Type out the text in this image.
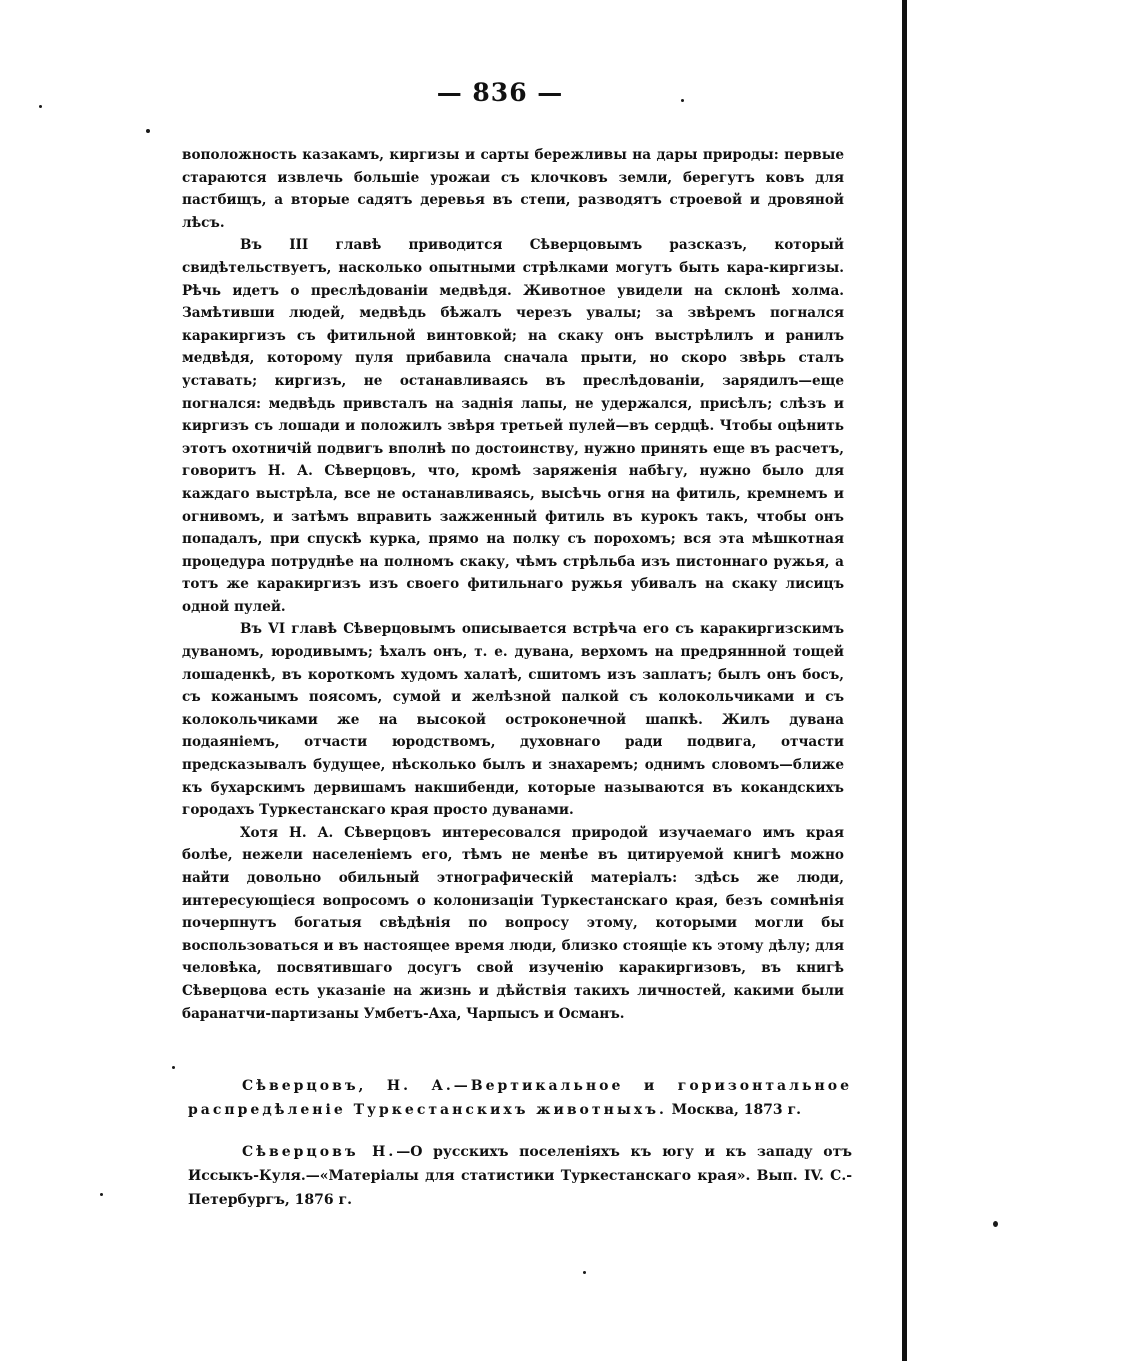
— 836 —

воположность казакамъ, киргизы и сарты бережливы на дары природы: первые стараются извлечь большіе урожаи съ клочковъ земли, берегутъ ковъ для пастбищъ, а вторые садятъ деревья въ степи, разводятъ строевой и дровяной лѣсъ.

Въ III главѣ приводится Сѣверцовымъ разсказъ, который свидѣтельствуетъ, насколько опытными стрѣлками могутъ быть кара-киргизы. Рѣчь идетъ о преслѣдованіи медвѣдя. Животное увидели на склонѣ холма. Замѣтивши людей, медвѣдь бѣжалъ черезъ увалы; за звѣремъ погнался каракиргизъ съ фитильной винтовкой; на скаку онъ выстрѣлилъ и ранилъ медвѣдя, которому пуля прибавила сначала прыти, но скоро звѣрь сталъ уставать; киргизъ, не останавливаясь въ преслѣдованіи, зарядилъ—еще погнался: медвѣдь привсталъ на заднія лапы, не удержался, присѣлъ; слѣзъ и киргизъ съ лошади и положилъ звѣря третьей пулей—въ сердцѣ. Чтобы оцѣнить этотъ охотничій подвигъ вполнѣ по достоинству, нужно принять еще въ расчетъ, говоритъ Н. А. Сѣверцовъ, что, кромѣ заряженія набѣгу, нужно было для каждаго выстрѣла, все не останавливаясь, высѣчь огня на фитиль, кремнемъ и огнивомъ, и затѣмъ вправить зажженный фитиль въ курокъ такъ, чтобы онъ попадалъ, при спускѣ курка, прямо на полку съ порохомъ; вся эта мѣшкотная процедура потруднѣе на полномъ скаку, чѣмъ стрѣльба изъ пистоннаго ружья, а тотъ же каракиргизъ изъ своего фитильнаго ружья убивалъ на скаку лисицъ одной пулей.

Въ VI главѣ Сѣверцовымъ описывается встрѣча его съ каракиргизскимъ дуваномъ, юродивымъ; ѣхалъ онъ, т. е. дувана, верхомъ на предряннной тощей лошаденкѣ, въ короткомъ худомъ халатѣ, сшитомъ изъ заплатъ; былъ онъ босъ, съ кожанымъ поясомъ, сумой и желѣзной палкой съ колокольчиками и съ колокольчиками же на высокой остроконечной шапкѣ. Жилъ дувана подаяніемъ, отчасти юродствомъ, духовнаго ради подвига, отчасти предсказывалъ будущее, нѣсколько былъ и знахаремъ; однимъ словомъ—ближе къ бухарскимъ дервишамъ накшибенди, которые называются въ кокандскихъ городахъ Туркестанскаго края просто дуванами.

Хотя Н. А. Сѣверцовъ интересовался природой изучаемаго имъ края болѣе, нежели населеніемъ его, тѣмъ не менѣе въ цитируемой книгѣ можно найти довольно обильный этнографическій матеріалъ: здѣсь же люди, интересующіеся вопросомъ о колонизаціи Туркестанскаго края, безъ сомнѣнія почерпнутъ богатыя свѣдѣнія по вопросу этому, которыми могли бы воспользоваться и въ настоящее время люди, близко стоящіе къ этому дѣлу; для человѣка, посвятившаго досугъ свой изученію каракиргизовъ, въ книгѣ Сѣверцова есть указаніе на жизнь и дѣйствія такихъ личностей, какими были баранатчи-партизаны Умбетъ-Аха, Чарпысъ и Османъ.

Сѣверцовъ, Н. А.—Вертикальное и горизонтальное распредѣленіе Туркестанскихъ животныхъ. Москва, 1873 г.

Сѣверцовъ Н.—О русскихъ поселеніяхъ къ югу и къ западу отъ Иссыкъ-Куля.—«Матеріалы для статистики Туркестанскаго края». Вып. IV. С.-Петербургъ, 1876 г.
